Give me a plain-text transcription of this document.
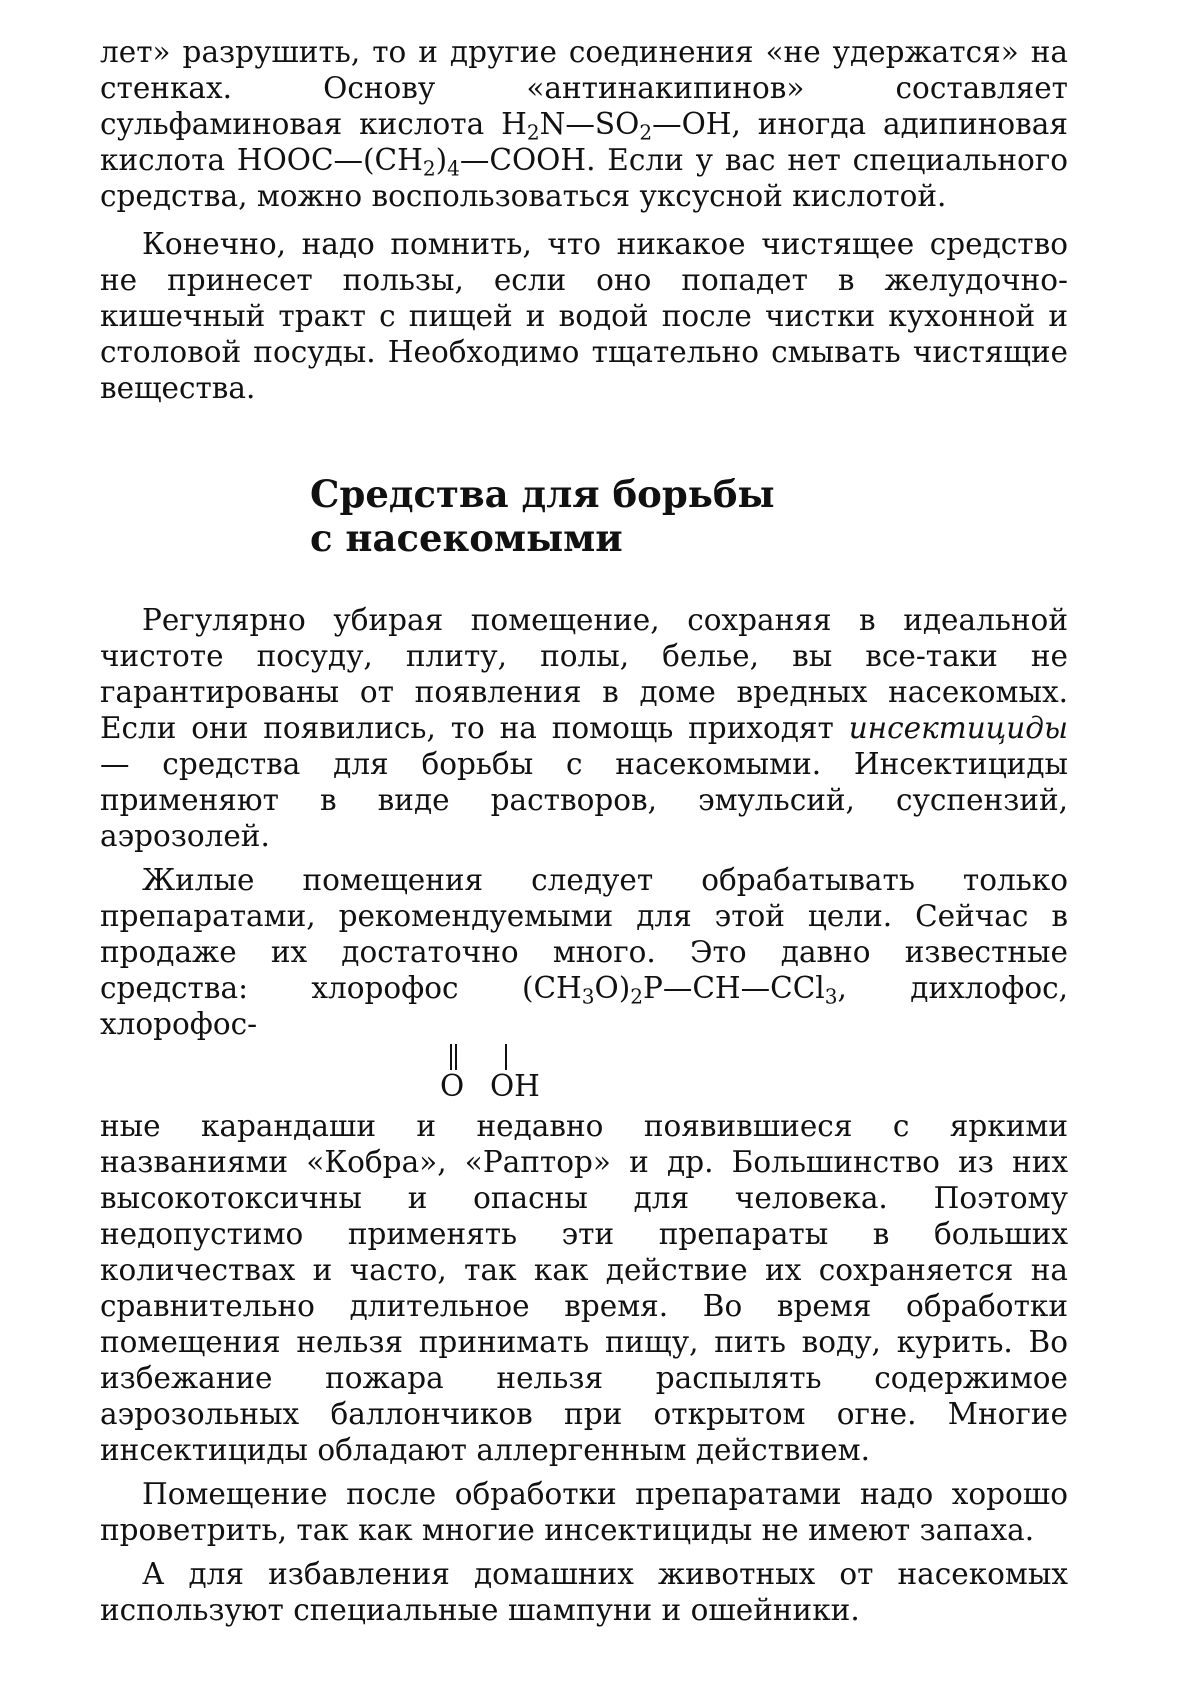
лет» разрушить, то и другие соединения «не удержатся» на стенках. Основу «антинакипинов» составляет сульфаминовая кислота $H_2N—SO_2—OH$, иногда адипиновая кислота $HOOC—(CH_2)_4—COOH$. Если у вас нет специального средства, можно воспользоваться уксусной кислотой.

Конечно, надо помнить, что никакое чистящее средство не принесет пользы, если оно попадет в желудочно-кишечный тракт с пищей и водой после чистки кухонной и столовой посуды. Необходимо тщательно смывать чистящие вещества.

Средства для борьбы
с насекомыми

Регулярно убирая помещение, сохраняя в идеальной чистоте посуду, плиту, полы, белье, вы все-таки не гарантированы от появления в доме вредных насекомых. Если они появились, то на помощь приходят инсектициды — средства для борьбы с насекомыми. Инсектициды применяют в виде растворов, эмульсий, суспензий, аэрозолей.

Жилые помещения следует обрабатывать только препаратами, рекомендуемыми для этой цели. Сейчас в продаже их достаточно много. Это давно известные средства: хлорофос $(CH_3O)_2P—CH—CCl_3$, дихлофос, хлорофос-

O OH

ные карандаши и недавно появившиеся с яркими названиями «Кобра», «Раптор» и др. Большинство из них высокотоксичны и опасны для человека. Поэтому недопустимо применять эти препараты в больших количествах и часто, так как действие их сохраняется на сравнительно длительное время. Во время обработки помещения нельзя принимать пищу, пить воду, курить. Во избежание пожара нельзя распылять содержимое аэрозольных баллончиков при открытом огне. Многие инсектициды обладают аллергенным действием.

Помещение после обработки препаратами надо хорошо проветрить, так как многие инсектициды не имеют запаха.

А для избавления домашних животных от насекомых используют специальные шампуни и ошейники.
